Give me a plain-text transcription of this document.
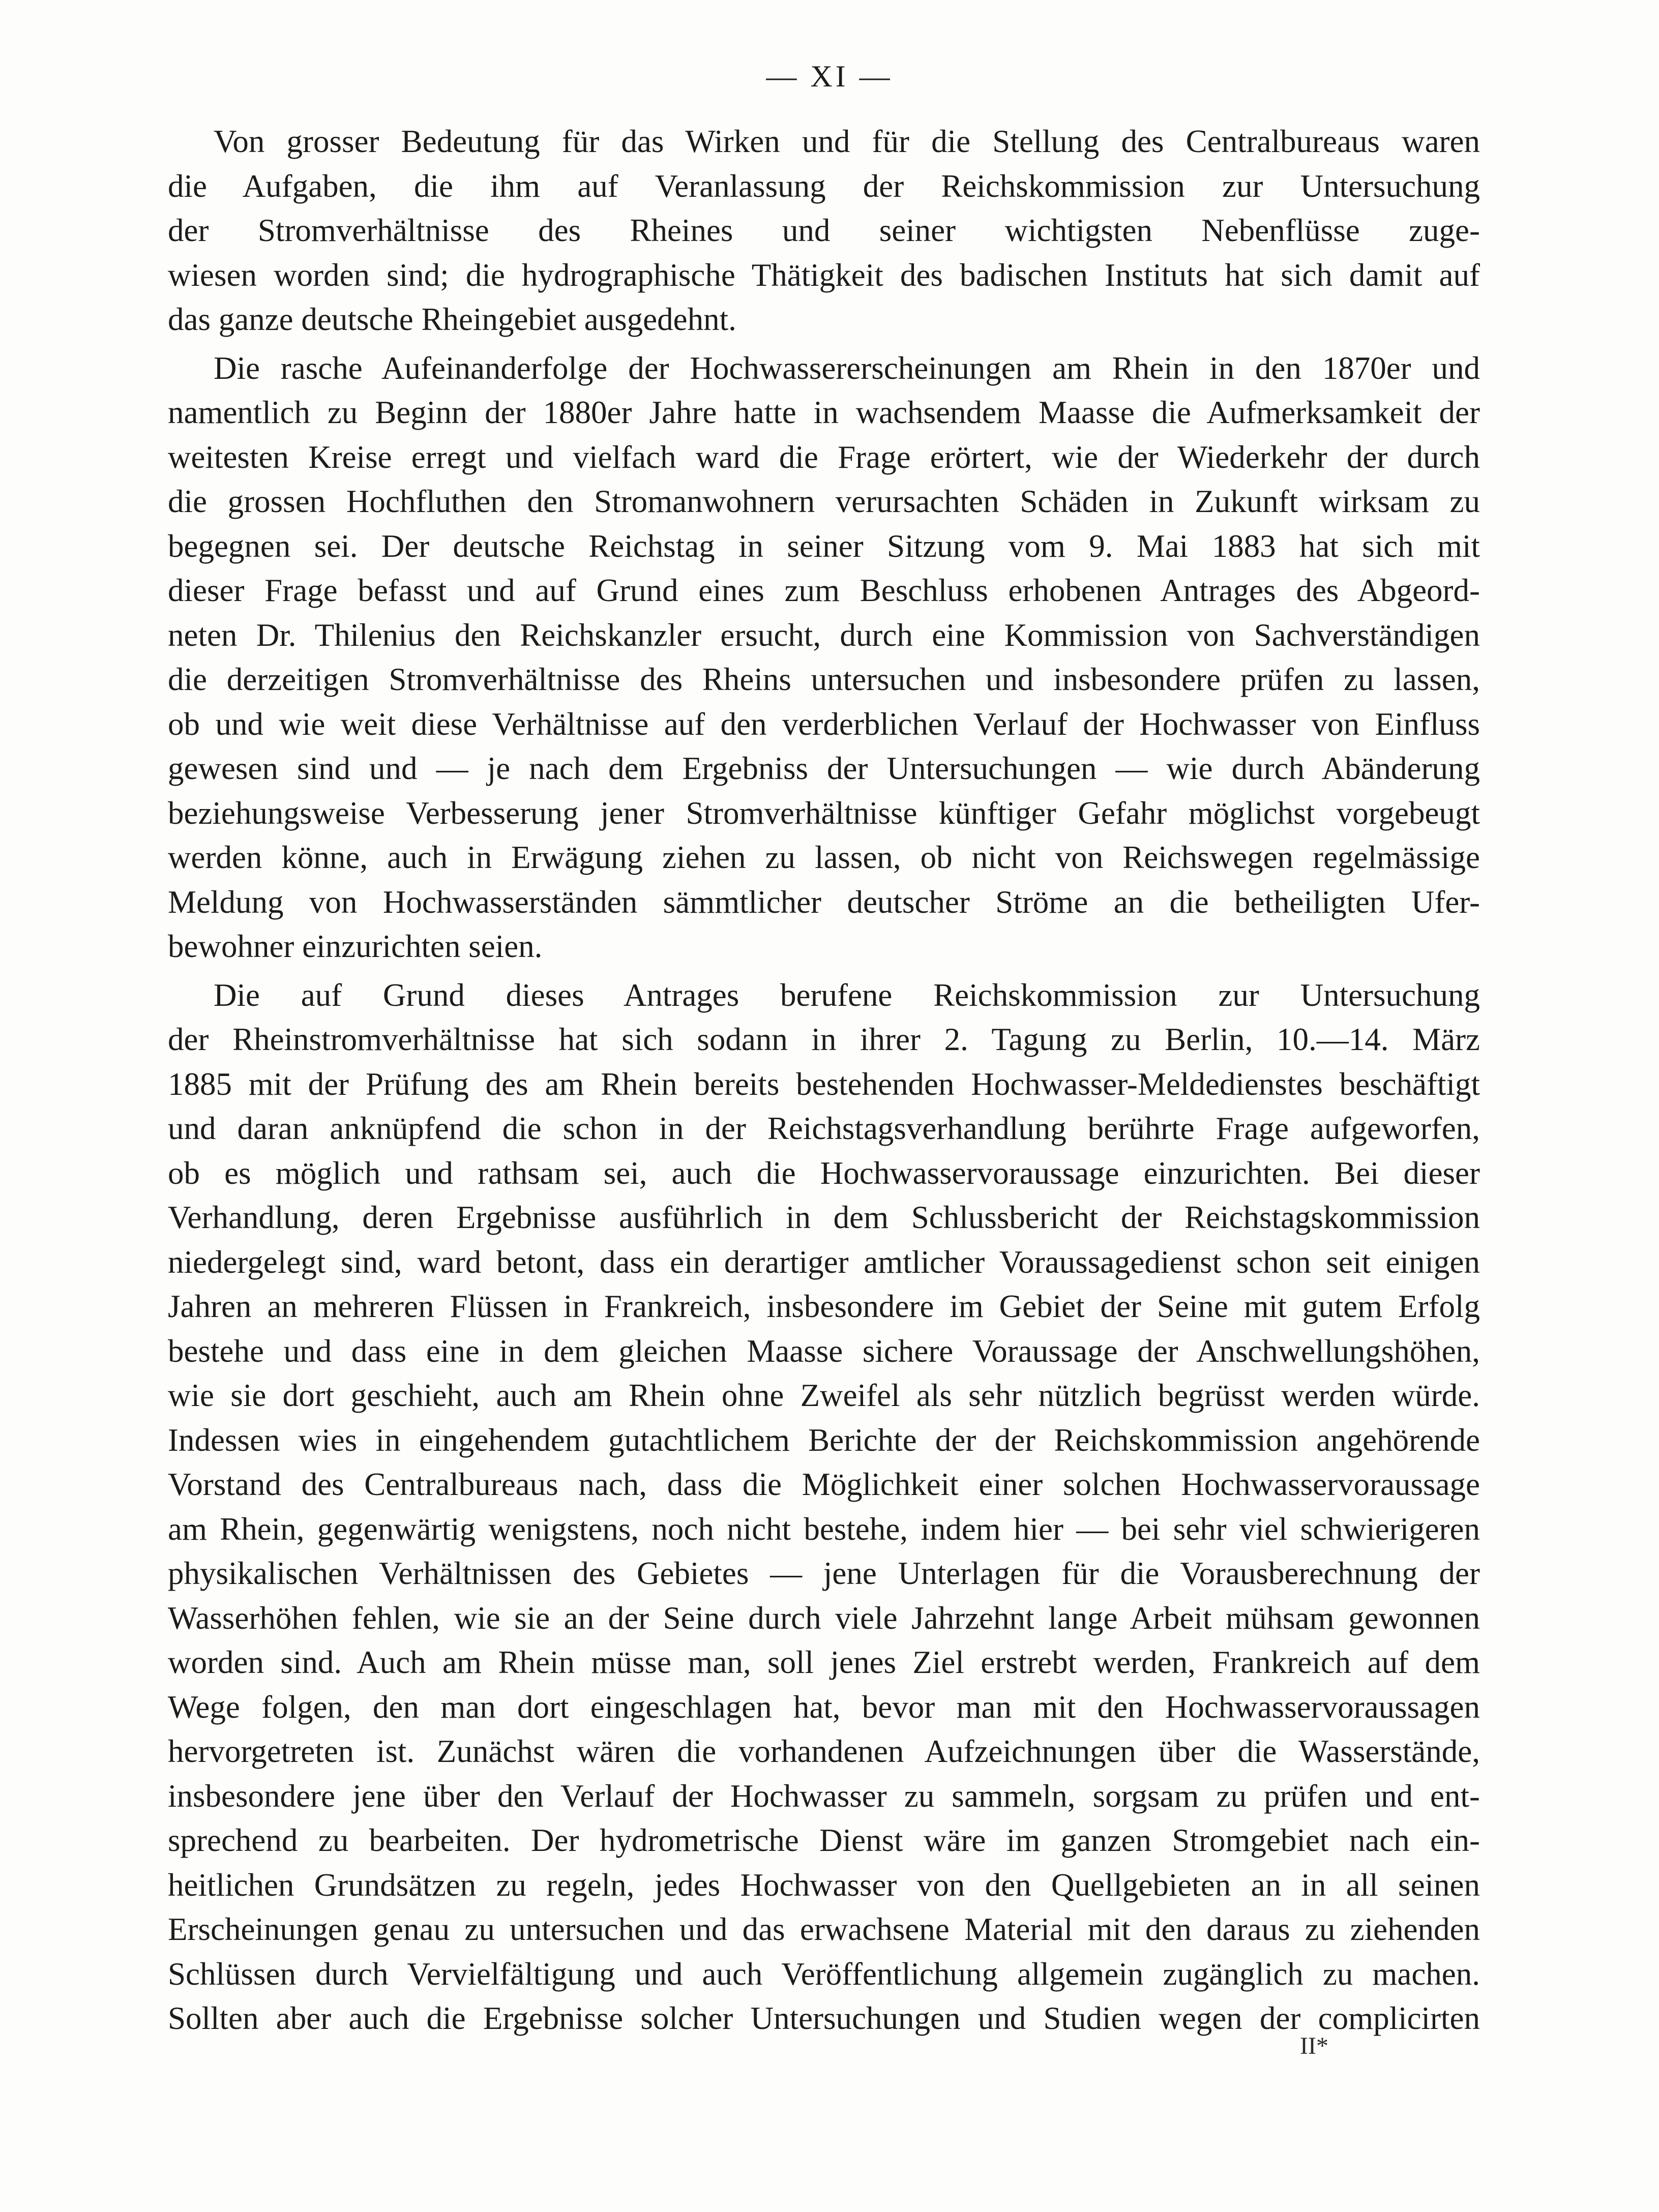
— XI —
Von grosser Bedeutung für das Wirken und für die Stellung des Centralbureaus waren
die Aufgaben, die ihm auf Veranlassung der Reichskommission zur Untersuchung
der Stromverhältnisse des Rheines und seiner wichtigsten Nebenflüsse zuge-
wiesen worden sind; die hydrographische Thätigkeit des badischen Instituts hat sich damit auf
das ganze deutsche Rheingebiet ausgedehnt.
Die rasche Aufeinanderfolge der Hochwassererscheinungen am Rhein in den 1870er und
namentlich zu Beginn der 1880er Jahre hatte in wachsendem Maasse die Aufmerksamkeit der
weitesten Kreise erregt und vielfach ward die Frage erörtert, wie der Wiederkehr der durch
die grossen Hochfluthen den Stromanwohnern verursachten Schäden in Zukunft wirksam zu
begegnen sei. Der deutsche Reichstag in seiner Sitzung vom 9. Mai 1883 hat sich mit
dieser Frage befasst und auf Grund eines zum Beschluss erhobenen Antrages des Abgeord-
neten Dr. Thilenius den Reichskanzler ersucht, durch eine Kommission von Sachverständigen
die derzeitigen Stromverhältnisse des Rheins untersuchen und insbesondere prüfen zu lassen,
ob und wie weit diese Verhältnisse auf den verderblichen Verlauf der Hochwasser von Einfluss
gewesen sind und — je nach dem Ergebniss der Untersuchungen — wie durch Abänderung
beziehungsweise Verbesserung jener Stromverhältnisse künftiger Gefahr möglichst vorgebeugt
werden könne, auch in Erwägung ziehen zu lassen, ob nicht von Reichswegen regelmässige
Meldung von Hochwasserständen sämmtlicher deutscher Ströme an die betheiligten Ufer-
bewohner einzurichten seien.
Die auf Grund dieses Antrages berufene Reichskommission zur Untersuchung
der Rheinstromverhältnisse hat sich sodann in ihrer 2. Tagung zu Berlin, 10.—14. März
1885 mit der Prüfung des am Rhein bereits bestehenden Hochwasser-Meldedienstes beschäftigt
und daran anknüpfend die schon in der Reichstagsverhandlung berührte Frage aufgeworfen,
ob es möglich und rathsam sei, auch die Hochwasservoraussage einzurichten. Bei dieser
Verhandlung, deren Ergebnisse ausführlich in dem Schlussbericht der Reichstagskommission
niedergelegt sind, ward betont, dass ein derartiger amtlicher Voraussagedienst schon seit einigen
Jahren an mehreren Flüssen in Frankreich, insbesondere im Gebiet der Seine mit gutem Erfolg
bestehe und dass eine in dem gleichen Maasse sichere Voraussage der Anschwellungshöhen,
wie sie dort geschieht, auch am Rhein ohne Zweifel als sehr nützlich begrüsst werden würde.
Indessen wies in eingehendem gutachtlichem Berichte der der Reichskommission angehörende
Vorstand des Centralbureaus nach, dass die Möglichkeit einer solchen Hochwasservoraussage
am Rhein, gegenwärtig wenigstens, noch nicht bestehe, indem hier — bei sehr viel schwierigeren
physikalischen Verhältnissen des Gebietes — jene Unterlagen für die Vorausberechnung der
Wasserhöhen fehlen, wie sie an der Seine durch viele Jahrzehnt lange Arbeit mühsam gewonnen
worden sind. Auch am Rhein müsse man, soll jenes Ziel erstrebt werden, Frankreich auf dem
Wege folgen, den man dort eingeschlagen hat, bevor man mit den Hochwasservoraussagen
hervorgetreten ist. Zunächst wären die vorhandenen Aufzeichnungen über die Wasserstände,
insbesondere jene über den Verlauf der Hochwasser zu sammeln, sorgsam zu prüfen und ent-
sprechend zu bearbeiten. Der hydrometrische Dienst wäre im ganzen Stromgebiet nach ein-
heitlichen Grundsätzen zu regeln, jedes Hochwasser von den Quellgebieten an in all seinen
Erscheinungen genau zu untersuchen und das erwachsene Material mit den daraus zu ziehenden
Schlüssen durch Vervielfältigung und auch Veröffentlichung allgemein zugänglich zu machen.
Sollten aber auch die Ergebnisse solcher Untersuchungen und Studien wegen der complicirten
II*
